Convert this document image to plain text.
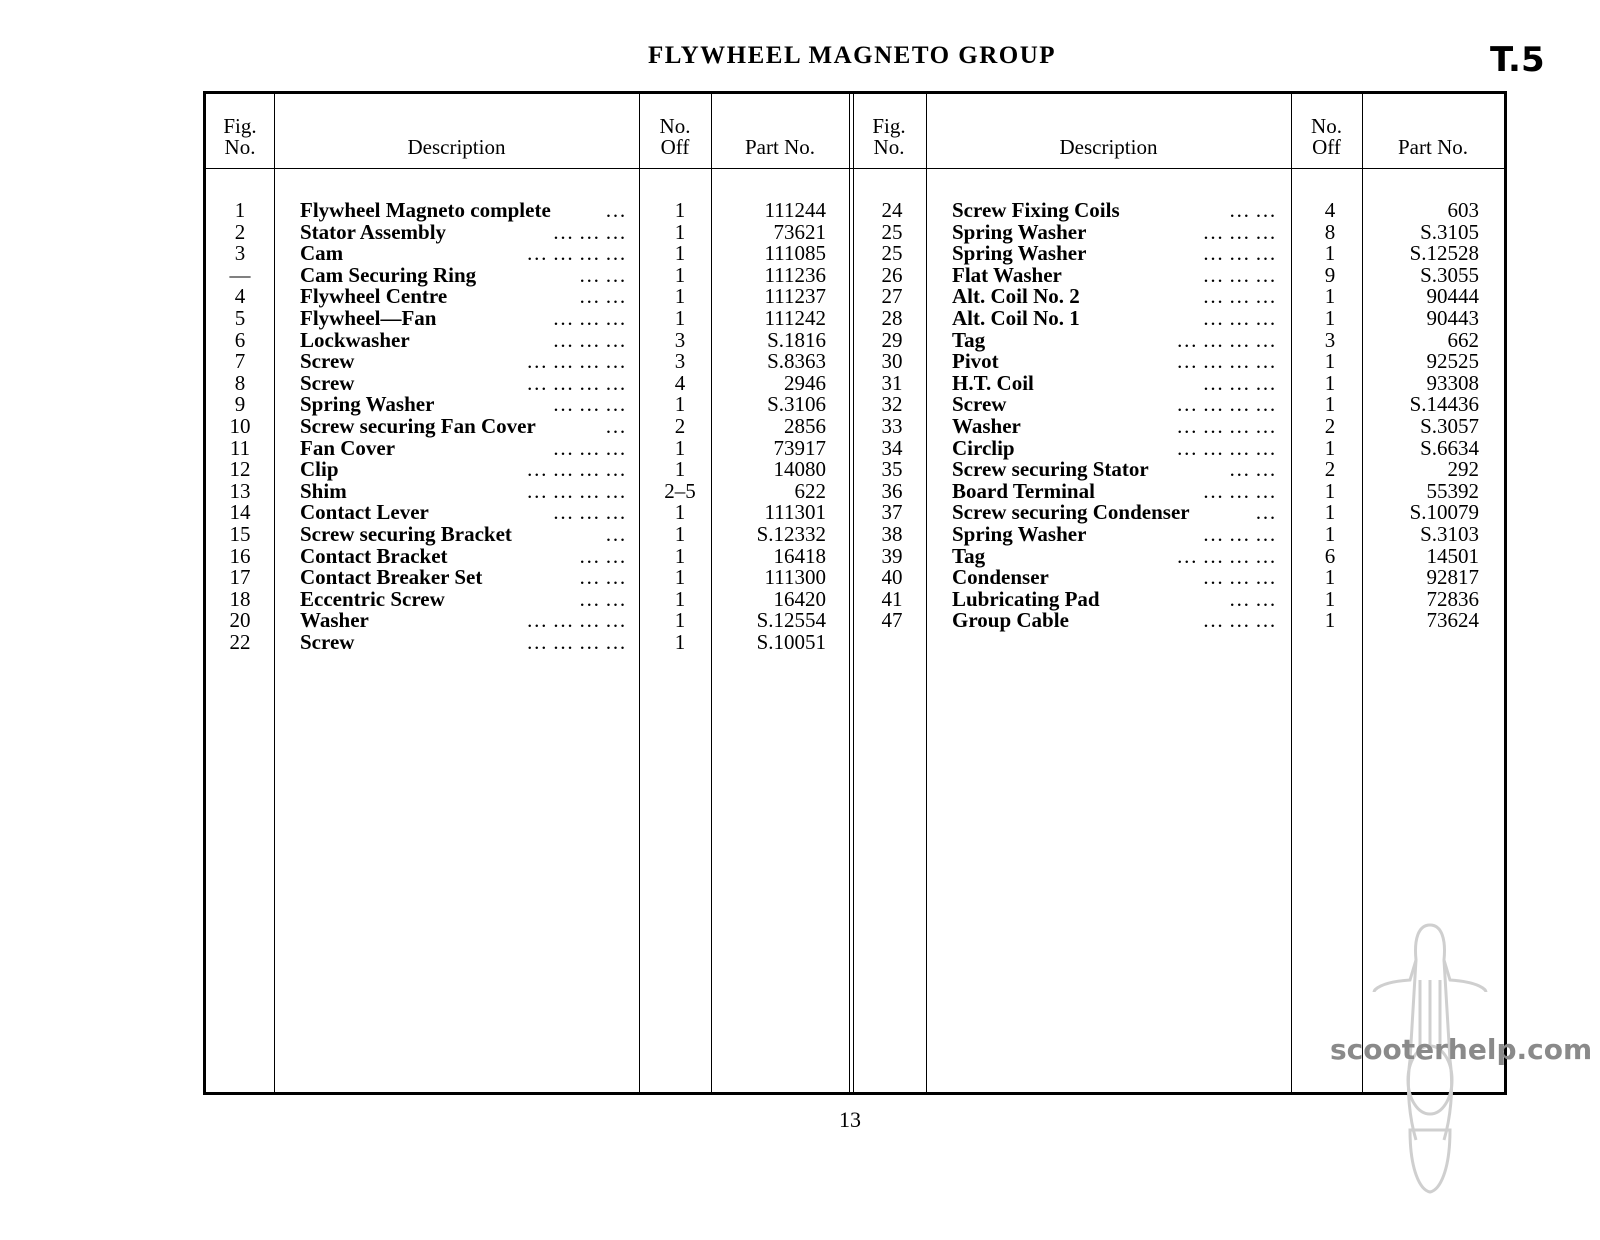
FLYWHEEL MAGNETO GROUP	T.5
Fig.
No.	Description
No.
Off	Part No.
Fig.
No.	Description
No.
Off	Part No.
1	Flywheel Magneto complete	…	1	111244
2	Stator Assembly	… … …	1	73621
3	Cam	… … … …	1	111085
—	Cam Securing Ring	… …	1	111236
4	Flywheel Centre	… …	1	111237
5	Flywheel—Fan	… … …	1	111242
6	Lockwasher	… … …	3	S.1816
7	Screw	… … … …	3	S.8363
8	Screw	… … … …	4	2946
9	Spring Washer	… … …	1	S.3106
10	Screw securing Fan Cover	…	2	2856
11	Fan Cover	… … …	1	73917
12	Clip	… … … …	1	14080
13	Shim	… … … …	2–5	622
14	Contact Lever	… … …	1	111301
15	Screw securing Bracket	…	1	S.12332
16	Contact Bracket	… …	1	16418
17	Contact Breaker Set	… …	1	111300
18	Eccentric Screw	… …	1	16420
20	Washer	… … … …	1	S.12554
22	Screw	… … … …	1	S.10051
24	Screw Fixing Coils	… …	4	603
25	Spring Washer	… … …	8	S.3105
25	Spring Washer	… … …	1	S.12528
26	Flat Washer	… … …	9	S.3055
27	Alt. Coil No. 2	… … …	1	90444
28	Alt. Coil No. 1	… … …	1	90443
29	Tag	… … … …	3	662
30	Pivot	… … … …	1	92525
31	H.T. Coil	… … …	1	93308
32	Screw	… … … …	1	S.14436
33	Washer	… … … …	2	S.3057
34	Circlip	… … … …	1	S.6634
35	Screw securing Stator	… …	2	292
36	Board Terminal	… … …	1	55392
37	Screw securing Condenser	…	1	S.10079
38	Spring Washer	… … …	1	S.3103
39	Tag	… … … …	6	14501
40	Condenser	… … …	1	92817
41	Lubricating Pad	… …	1	72836
47	Group Cable	… … …	1	73624
13
scooterhelp.com
